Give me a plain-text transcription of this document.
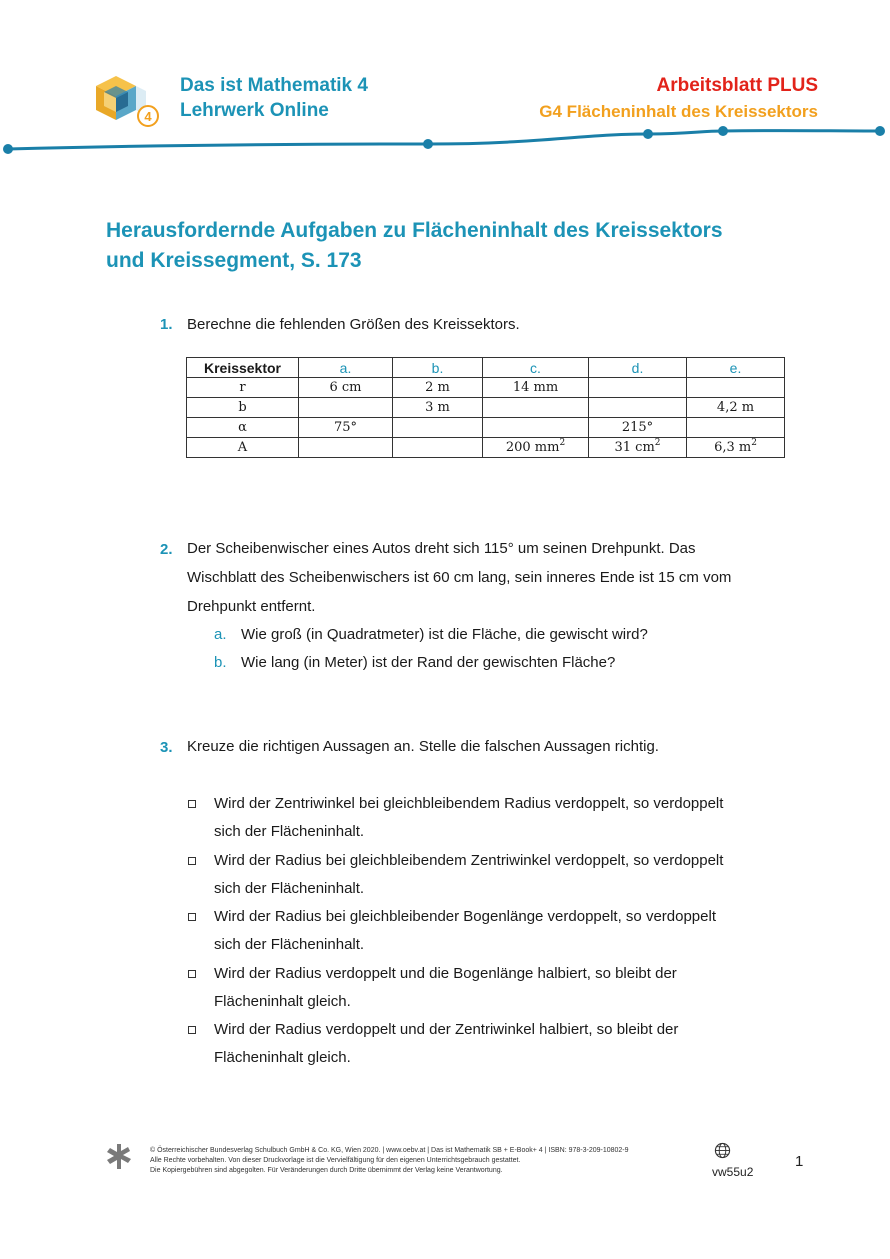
4
Das ist Mathematik 4
Lehrwerk Online
Arbeitsblatt PLUS
G4 Flächeninhalt des Kreissektors
Herausfordernde Aufgaben zu Flächeninhalt des Kreissektors
und Kreissegment, S. 173
1. Berechne die fehlenden Größen des Kreissektors.
Kreissektor	a.	b.	c.	d.	e.
r	6 cm	2 m	14 mm		
b		3 m			4,2 m
α	75°			215°	
A			200 $mm^2$	31 $cm^2$	6,3 $m^2$
2. Der Scheibenwischer eines Autos dreht sich 115° um seinen Drehpunkt. Das
Wischblatt des Scheibenwischers ist 60 cm lang, sein inneres Ende ist 15 cm vom
Drehpunkt entfernt.
a. Wie groß (in Quadratmeter) ist die Fläche, die gewischt wird?
b. Wie lang (in Meter) ist der Rand der gewischten Fläche?
3. Kreuze die richtigen Aussagen an. Stelle die falschen Aussagen richtig.
Wird der Zentriwinkel bei gleichbleibendem Radius verdoppelt, so verdoppelt
sich der Flächeninhalt.
Wird der Radius bei gleichbleibendem Zentriwinkel verdoppelt, so verdoppelt
sich der Flächeninhalt.
Wird der Radius bei gleichbleibender Bogenlänge verdoppelt, so verdoppelt
sich der Flächeninhalt.
Wird der Radius verdoppelt und die Bogenlänge halbiert, so bleibt der
Flächeninhalt gleich.
Wird der Radius verdoppelt und der Zentriwinkel halbiert, so bleibt der
Flächeninhalt gleich.
© Österreichischer Bundesverlag Schulbuch GmbH & Co. KG, Wien 2020. | www.oebv.at | Das ist Mathematik SB + E-Book+ 4 | ISBN: 978-3-209-10802-9
Alle Rechte vorbehalten. Von dieser Druckvorlage ist die Vervielfältigung für den eigenen Unterrichtsgebrauch gestattet.
Die Kopiergebühren sind abgegolten. Für Veränderungen durch Dritte übernimmt der Verlag keine Verantwortung.	vw55u2
1
